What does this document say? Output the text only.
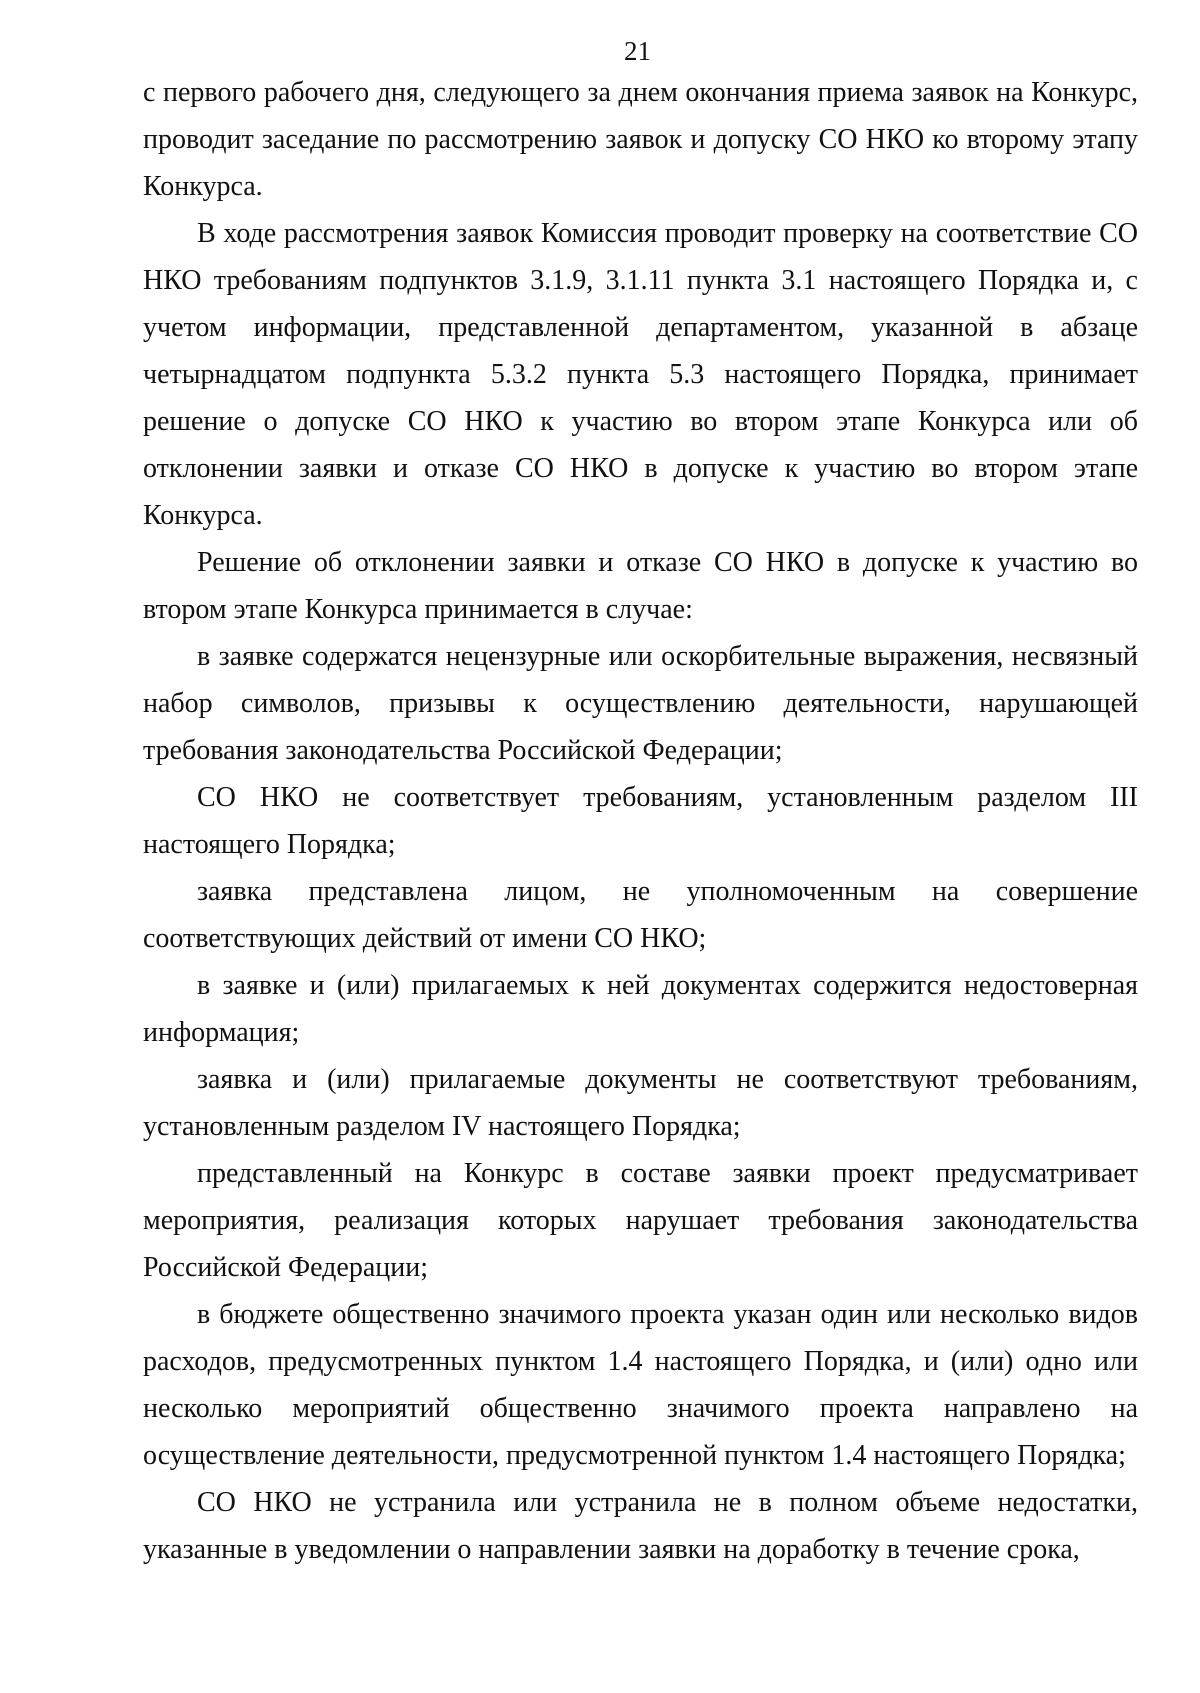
21

с первого рабочего дня, следующего за днем окончания приема заявок на Конкурс, проводит заседание по рассмотрению заявок и допуску СО НКО ко второму этапу Конкурса.

В ходе рассмотрения заявок Комиссия проводит проверку на соответствие СО НКО требованиям подпунктов 3.1.9, 3.1.11 пункта 3.1 настоящего Порядка и, с учетом информации, представленной департаментом, указанной в абзаце четырнадцатом подпункта 5.3.2 пункта 5.3 настоящего Порядка, принимает решение о допуске СО НКО к участию во втором этапе Конкурса или об отклонении заявки и отказе СО НКО в допуске к участию во втором этапе Конкурса.

Решение об отклонении заявки и отказе СО НКО в допуске к участию во втором этапе Конкурса принимается в случае:

в заявке содержатся нецензурные или оскорбительные выражения, несвязный набор символов, призывы к осуществлению деятельности, нарушающей требования законодательства Российской Федерации;

СО НКО не соответствует требованиям, установленным разделом III настоящего Порядка;

заявка представлена лицом, не уполномоченным на совершение соответствующих действий от имени СО НКО;

в заявке и (или) прилагаемых к ней документах содержится недостоверная информация;

заявка и (или) прилагаемые документы не соответствуют требованиям, установленным разделом IV настоящего Порядка;

представленный на Конкурс в составе заявки проект предусматривает мероприятия, реализация которых нарушает требования законодательства Российской Федерации;

в бюджете общественно значимого проекта указан один или несколько видов расходов, предусмотренных пунктом 1.4 настоящего Порядка, и (или) одно или несколько мероприятий общественно значимого проекта направлено на осуществление деятельности, предусмотренной пунктом 1.4 настоящего Порядка;

СО НКО не устранила или устранила не в полном объеме недостатки, указанные в уведомлении о направлении заявки на доработку в течение срока,
